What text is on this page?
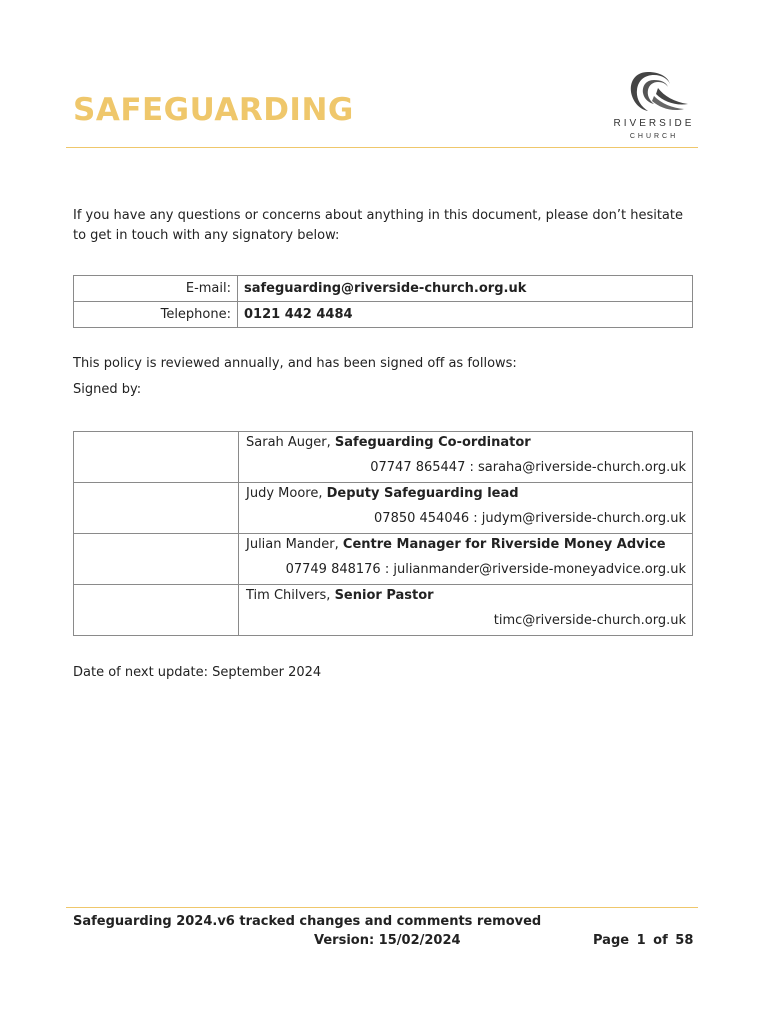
SAFEGUARDING	RIVERSIDE
CHURCH

If you have any questions or concerns about anything in this document, please don’t hesitate to get in touch with any signatory below:

E-mail:	safeguarding@riverside-church.org.uk
Telephone:	0121 442 4484

This policy is reviewed annually, and has been signed off as follows:

Signed by:

	Sarah Auger, Safeguarding Co-ordinator
07747 865447 : saraha@riverside-church.org.uk

	Judy Moore, Deputy Safeguarding lead
07850 454046 : judym@riverside-church.org.uk

	Julian Mander, Centre Manager for Riverside Money Advice
07749 848176 : julianmander@riverside-moneyadvice.org.uk

	Tim Chilvers, Senior Pastor
timc@riverside-church.org.uk

Date of next update: September 2024

Safeguarding 2024.v6 tracked changes and comments removed

Version: 15/02/2024	Page 1 of 58
